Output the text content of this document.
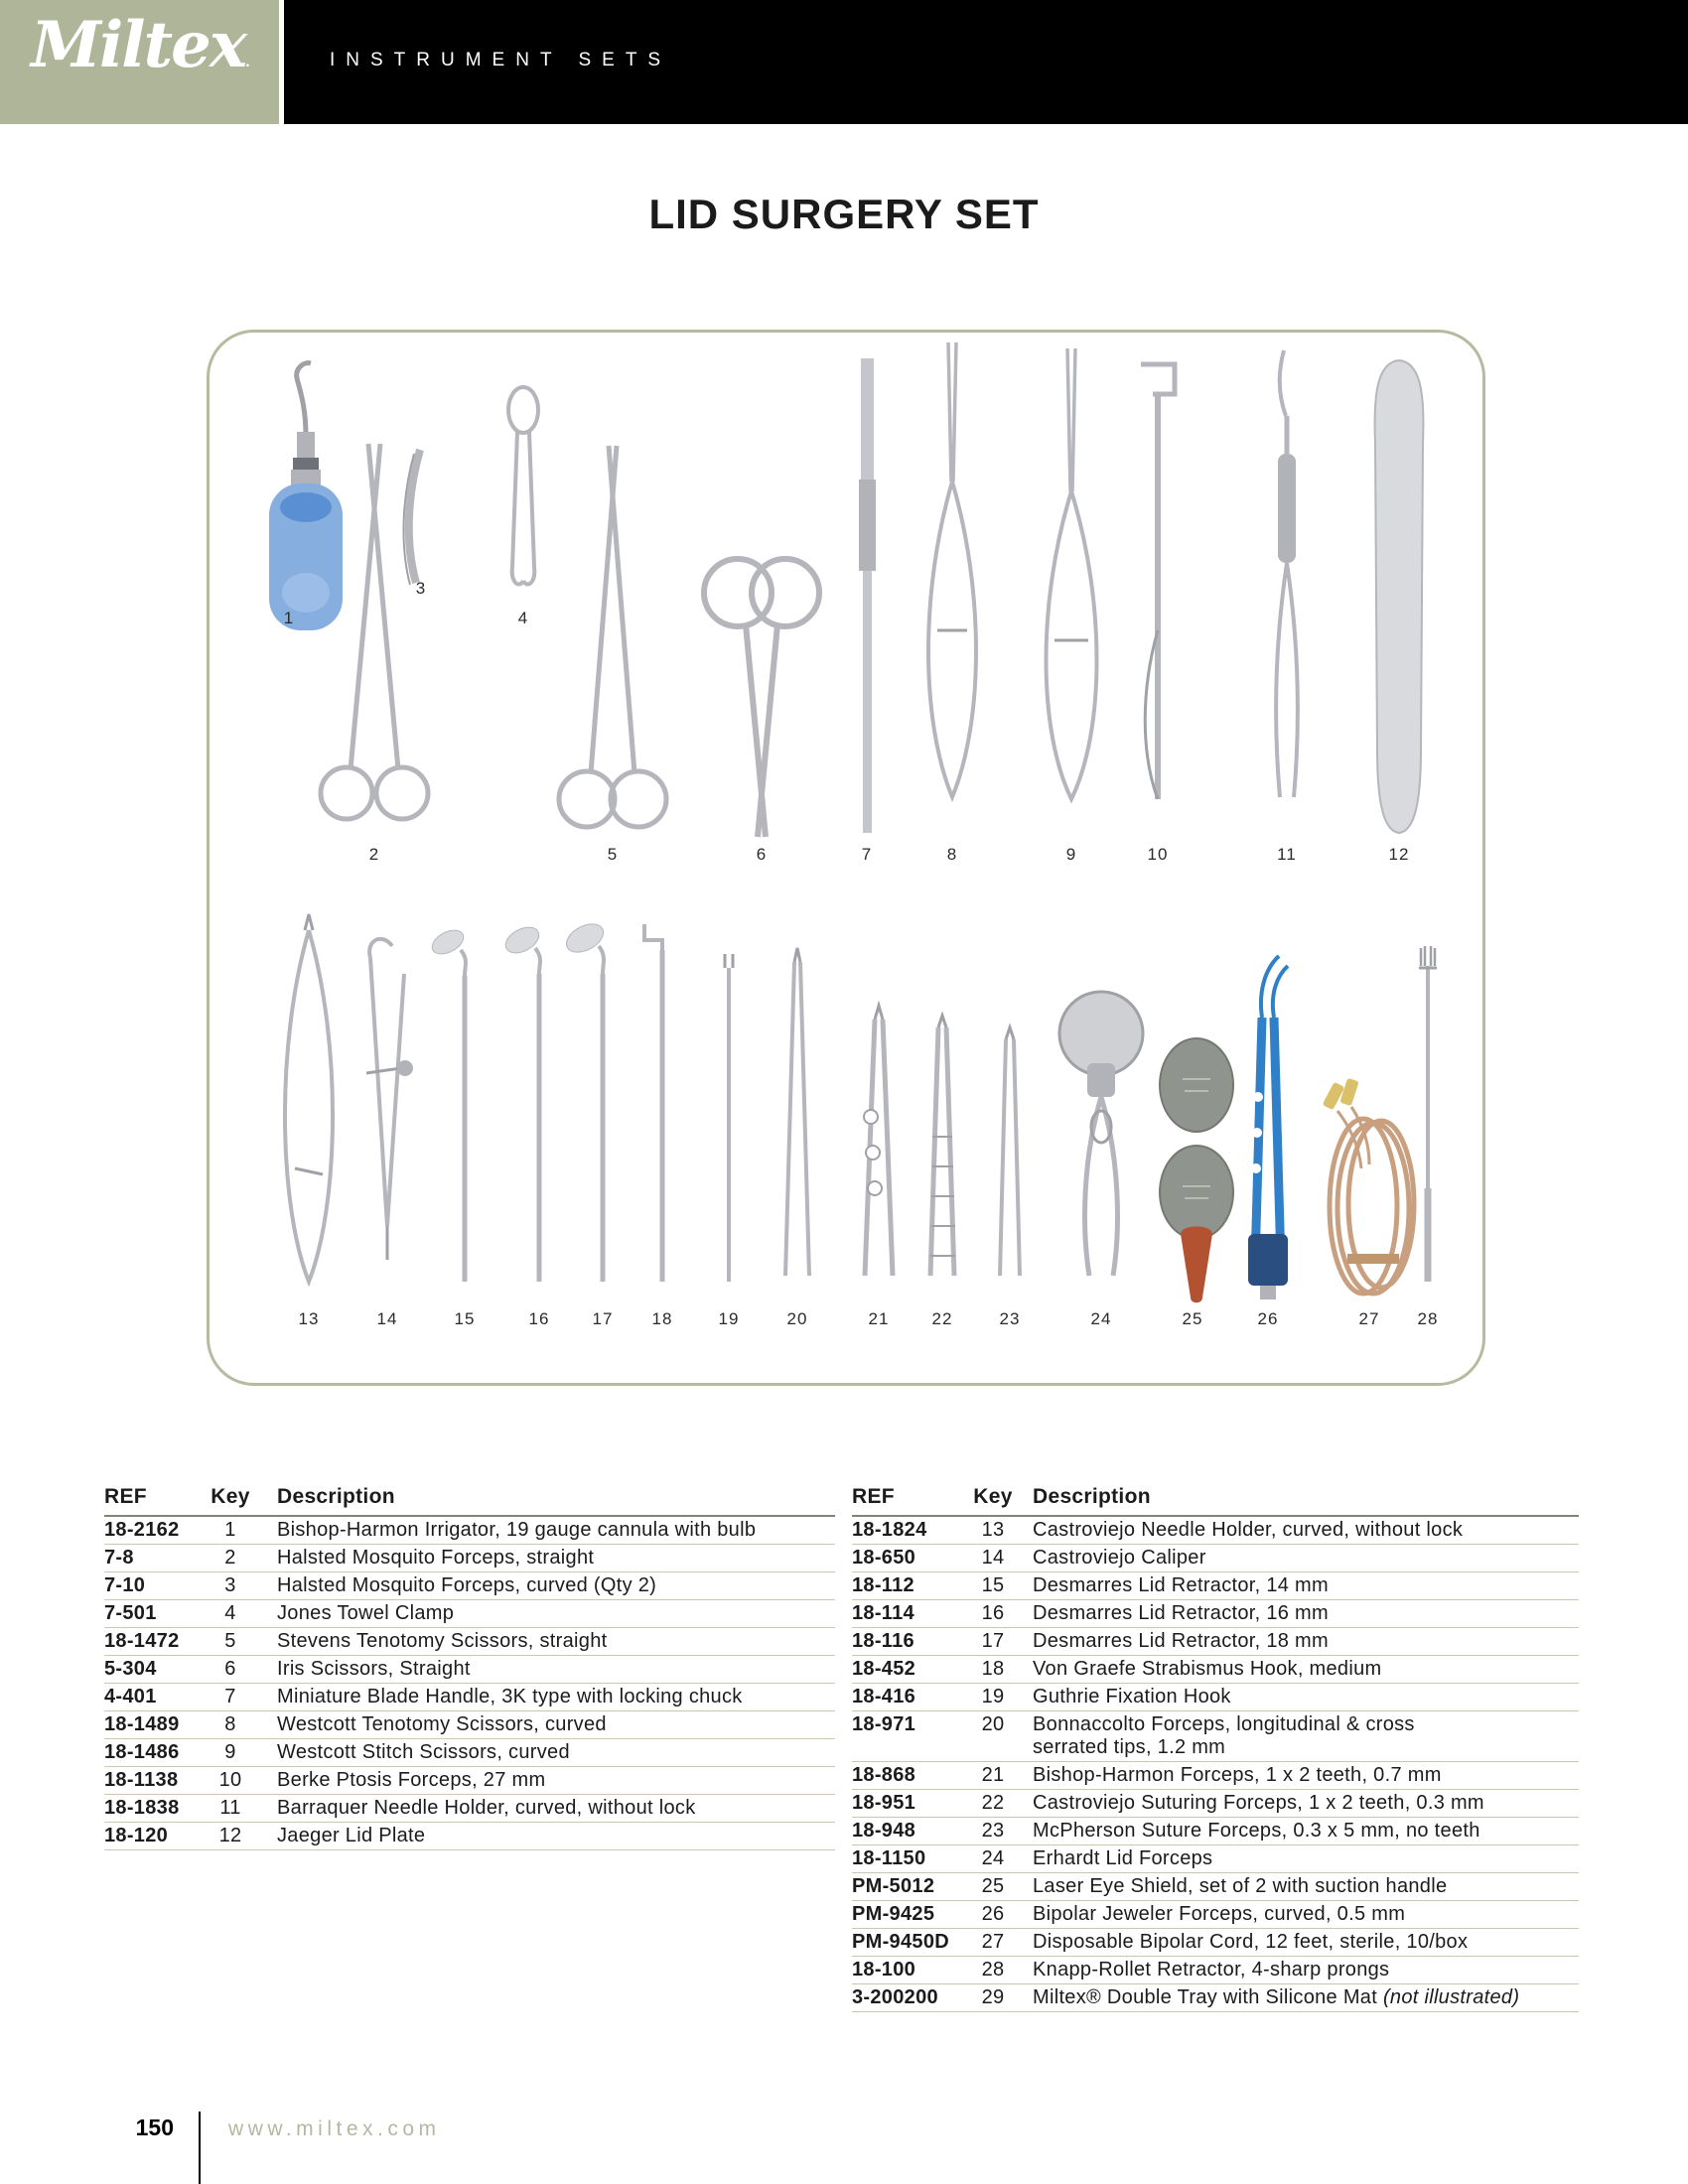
Miltex.	INSTRUMENT SETS
LID SURGERY SET
1
3
4
2	5	6	7	8	9	10	11	12
13	14	15	16	17 18	19	20	21	22	23	24	25	26	27 28
REF	Key	Description
18-2162	1	Bishop-Harmon Irrigator, 19 gauge cannula with bulb
7-8	2	Halsted Mosquito Forceps, straight
7-10	3	Halsted Mosquito Forceps, curved (Qty 2)
7-501	4	Jones Towel Clamp
18-1472	5	Stevens Tenotomy Scissors, straight
5-304	6	Iris Scissors, Straight
4-401	7	Miniature Blade Handle, 3K type with locking chuck
18-1489	8	Westcott Tenotomy Scissors, curved
18-1486	9	Westcott Stitch Scissors, curved
18-1138	10	Berke Ptosis Forceps, 27 mm
18-1838	11	Barraquer Needle Holder, curved, without lock
18-120	12	Jaeger Lid Plate
REF	Key	Description
18-1824	13	Castroviejo Needle Holder, curved, without lock
18-650	14	Castroviejo Caliper
18-112	15	Desmarres Lid Retractor, 14 mm
18-114	16	Desmarres Lid Retractor, 16 mm
18-116	17	Desmarres Lid Retractor, 18 mm
18-452	18	Von Graefe Strabismus Hook, medium
18-416	19	Guthrie Fixation Hook
18-971	20	Bonnaccolto Forceps, longitudinal & cross
serrated tips, 1.2 mm
18-868	21	Bishop-Harmon Forceps, 1 x 2 teeth, 0.7 mm
18-951	22	Castroviejo Suturing Forceps, 1 x 2 teeth, 0.3 mm
18-948	23	McPherson Suture Forceps, 0.3 x 5 mm, no teeth
18-1150	24	Erhardt Lid Forceps
PM-5012	25	Laser Eye Shield, set of 2 with suction handle
PM-9425	26	Bipolar Jeweler Forceps, curved, 0.5 mm
PM-9450D	27	Disposable Bipolar Cord, 12 feet, sterile, 10/box
18-100	28	Knapp-Rollet Retractor, 4-sharp prongs
3-200200	29	Miltex® Double Tray with Silicone Mat (not illustrated)
150	www.miltex.com
